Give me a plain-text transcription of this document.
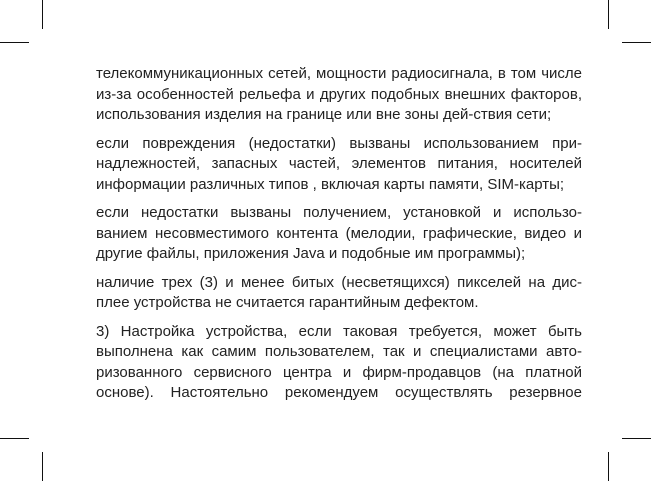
телекоммуникационных сетей, мощности радиосигнала, в том числе из-за особенностей рельефа и других подобных внешних факторов, использования изделия на границе или вне зоны дей-ствия сети;

если повреждения (недостатки) вызваны использованием при-надлежностей, запасных частей, элементов питания, носителей информации различных типов , включая карты памяти, SIM-карты;

если недостатки вызваны получением, установкой и использо-ванием несовместимого контента (мелодии, графические, видео и другие файлы, приложения Java и подобные им программы);

наличие трех (3) и менее битых (несветящихся) пикселей на дис-плее устройства не считается гарантийным дефектом.

3) Настройка устройства, если таковая требуется, может быть выполнена как самим пользователем, так и специалистами авто-ризованного сервисного центра и фирм-продавцов (на платной основе). Настоятельно рекомендуем осуществлять резервное
